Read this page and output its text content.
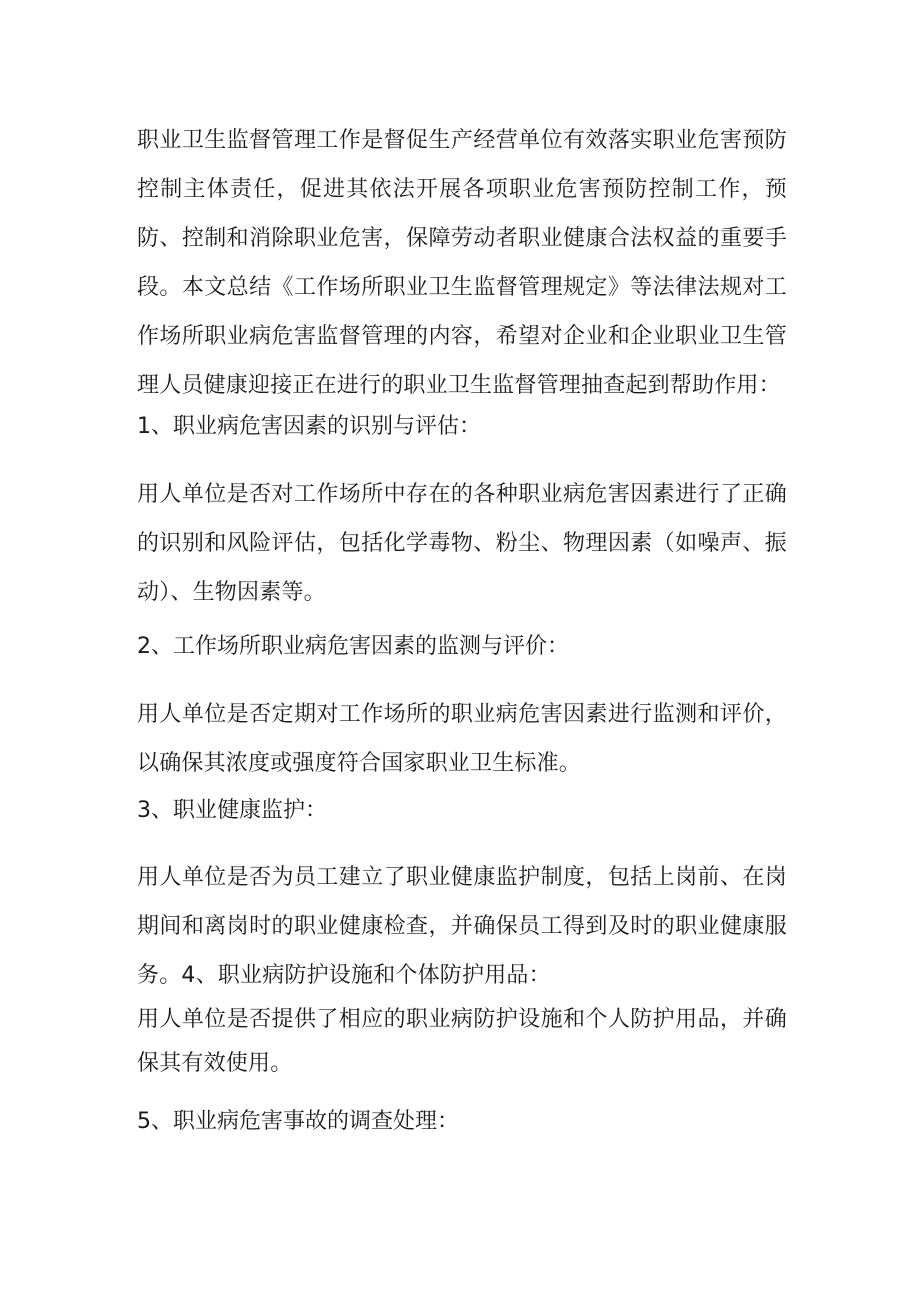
职业卫生监督管理工作是督促生产经营单位有效落实职业危害预防控制主体责任，促进其依法开展各项职业危害预防控制工作，预防、控制和消除职业危害，保障劳动者职业健康合法权益的重要手段。本文总结《工作场所职业卫生监督管理规定》等法律法规对工作场所职业病危害监督管理的内容，希望对企业和企业职业卫生管理人员健康迎接正在进行的职业卫生监督管理抽查起到帮助作用：

1、职业病危害因素的识别与评估：

用人单位是否对工作场所中存在的各种职业病危害因素进行了正确的识别和风险评估，包括化学毒物、粉尘、物理因素（如噪声、振动）、生物因素等。

2、工作场所职业病危害因素的监测与评价：

用人单位是否定期对工作场所的职业病危害因素进行监测和评价，以确保其浓度或强度符合国家职业卫生标准。

3、职业健康监护：

用人单位是否为员工建立了职业健康监护制度，包括上岗前、在岗期间和离岗时的职业健康检查，并确保员工得到及时的职业健康服务。4、职业病防护设施和个体防护用品：

用人单位是否提供了相应的职业病防护设施和个人防护用品，并确保其有效使用。

5、职业病危害事故的调查处理：
